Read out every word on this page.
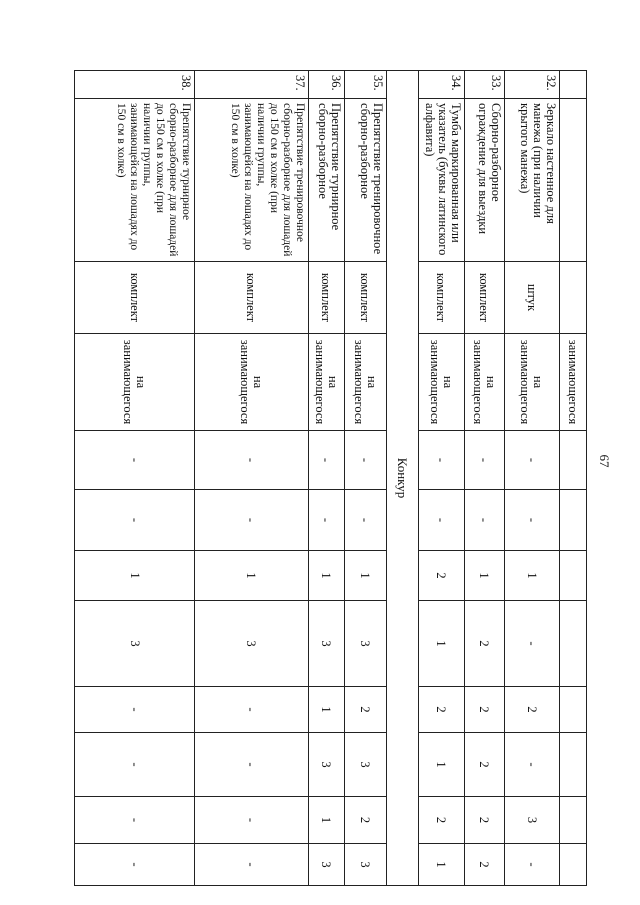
67
занимающегося
32.
Зеркало настенное для манежа (при наличии крытого манежа)
штук
на занимающегося
-
-
1
-
2
-
3
-
33.
Сборно-разборное ограждение для выездки
комплект
на занимающегося
-
-
1
2
2
2
2
2
34.
Тумба маркированная или указатель (буквы латинского алфавита)
комплект
на занимающегося
-
-
2
1
2
1
2
1
Конкур
35.
Препятствие тренировочное сборно-разборное
комплект
на занимающегося
-
-
1
3
2
3
2
3
36.
Препятствие турнирное сборно-разборное
комплект
на занимающегося
-
-
1
3
1
3
1
3
37.
Препятствие тренировочное сборно-разборное для лошадей до 150 см в холке (при наличии группы, занимающейся на лошадях до 150 см в холке)
комплект
на занимающегося
-
-
1
3
-
-
-
-
38.
Препятствие турнирное сборно-разборное для лошадей до 150 см в холке (при наличии группы, занимающейся на лошадях до 150 см в холке)
комплект
на занимающегося
-
-
1
3
-
-
-
-
